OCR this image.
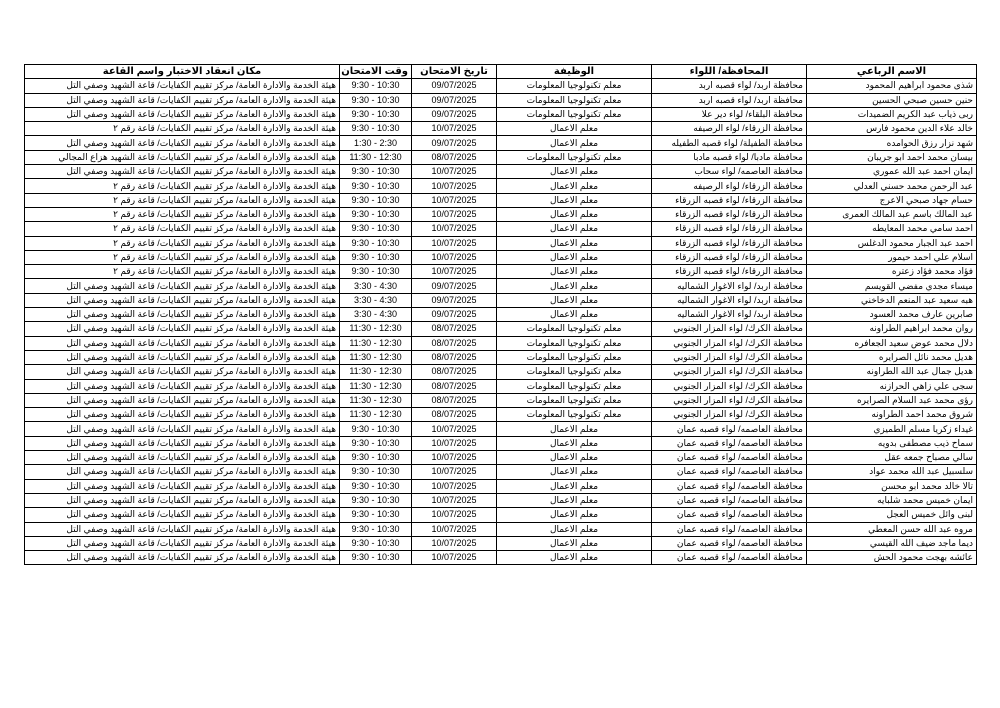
مكان انعقاد الاختبار واسم القاعة	وقت الامتحان	تاريخ الامتحان	الوظيفة	المحافظة/ اللواء	الاسم الرباعي
هيئة الخدمة والادارة العامة/ مركز تقييم الكفايات/ قاعة الشهيد وصفي التل	9:30 - 10:30	09/07/2025	معلم تكنولوجيا المعلومات	محافظة اربد/ لواء قصبه اربد	شذى محمود ابراهيم المحمود
هيئة الخدمة والادارة العامة/ مركز تقييم الكفايات/ قاعة الشهيد وصفي التل	9:30 - 10:30	09/07/2025	معلم تكنولوجيا المعلومات	محافظة اربد/ لواء قصبه اربد	حنين حسين صبحي الحسين
هيئة الخدمة والادارة العامة/ مركز تقييم الكفايات/ قاعة الشهيد وصفي التل	9:30 - 10:30	09/07/2025	معلم تكنولوجيا المعلومات	محافظة البلقاء/ لواء دير علا	ربى ذياب عبد الكريم الضميدات
هيئة الخدمة والادارة العامة/ مركز تقييم الكفايات/ قاعة رقم ٢	9:30 - 10:30	10/07/2025	معلم الاعمال	محافظة الزرقاء/ لواء الرصيفه	خالد علاء الدين محمود فارس
هيئة الخدمة والادارة العامة/ مركز تقييم الكفايات/ قاعة الشهيد وصفي التل	1:30 - 2:30	09/07/2025	معلم الاعمال	محافظة الطفيلة/ لواء قصبه الطفيله	شهد نزار رزق الحوامده
هيئة الخدمة والادارة العامة/ مركز تقييم الكفايات/ قاعة الشهيد هزاع المجالي	11:30 - 12:30	08/07/2025	معلم تكنولوجيا المعلومات	محافظة مادبا/ لواء قصبه مادبا	بيسان محمد احمد ابو جريبان
هيئة الخدمة والادارة العامة/ مركز تقييم الكفايات/ قاعة الشهيد وصفي التل	9:30 - 10:30	10/07/2025	معلم الاعمال	محافظة العاصمه/ لواء سحاب	ايمان احمد عبد الله عموري
هيئة الخدمة والادارة العامة/ مركز تقييم الكفايات/ قاعة رقم ٢	9:30 - 10:30	10/07/2025	معلم الاعمال	محافظة الزرقاء/ لواء الرصيفه	عبد الرحمن محمد حسني العدلي
هيئة الخدمة والادارة العامة/ مركز تقييم الكفايات/ قاعة رقم ٢	9:30 - 10:30	10/07/2025	معلم الاعمال	محافظة الزرقاء/ لواء قصبه الزرقاء	حسام جهاد صبحي الاعرج
هيئة الخدمة والادارة العامة/ مركز تقييم الكفايات/ قاعة رقم ٢	9:30 - 10:30	10/07/2025	معلم الاعمال	محافظة الزرقاء/ لواء قصبه الزرقاء	عبد المالك باسم عبد المالك العمرى
هيئة الخدمة والادارة العامة/ مركز تقييم الكفايات/ قاعة رقم ٢	9:30 - 10:30	10/07/2025	معلم الاعمال	محافظة الزرقاء/ لواء قصبه الزرقاء	احمد سامي محمد المعايطه
هيئة الخدمة والادارة العامة/ مركز تقييم الكفايات/ قاعة رقم ٢	9:30 - 10:30	10/07/2025	معلم الاعمال	محافظة الزرقاء/ لواء قصبه الزرقاء	احمد عبد الجبار محمود الدغلس
هيئة الخدمة والادارة العامة/ مركز تقييم الكفايات/ قاعة رقم ٢	9:30 - 10:30	10/07/2025	معلم الاعمال	محافظة الزرقاء/ لواء قصبه الزرقاء	اسلام علي احمد حيمور
هيئة الخدمة والادارة العامة/ مركز تقييم الكفايات/ قاعة رقم ٢	9:30 - 10:30	10/07/2025	معلم الاعمال	محافظة الزرقاء/ لواء قصبه الزرقاء	فؤاد محمد فؤاد زعتره
هيئة الخدمة والادارة العامة/ مركز تقييم الكفايات/ قاعة الشهيد وصفي التل	3:30 - 4:30	09/07/2025	معلم الاعمال	محافظة اربد/ لواء الاغوار الشماليه	ميساء مجدي مفضي القويسم
هيئة الخدمة والادارة العامة/ مركز تقييم الكفايات/ قاعة الشهيد وصفي التل	3:30 - 4:30	09/07/2025	معلم الاعمال	محافظة اربد/ لواء الاغوار الشماليه	هبه سعيد عبد المنعم الدخاخني
هيئة الخدمة والادارة العامة/ مركز تقييم الكفايات/ قاعة الشهيد وصفي التل	3:30 - 4:30	09/07/2025	معلم الاعمال	محافظة اربد/ لواء الاغوار الشماليه	صابرين عارف محمد العسود
هيئة الخدمة والادارة العامة/ مركز تقييم الكفايات/ قاعة الشهيد وصفي التل	11:30 - 12:30	08/07/2025	معلم تكنولوجيا المعلومات	محافظة الكرك/ لواء المزار الجنوبي	روان محمد ابراهيم الطراونه
هيئة الخدمة والادارة العامة/ مركز تقييم الكفايات/ قاعة الشهيد وصفي التل	11:30 - 12:30	08/07/2025	معلم تكنولوجيا المعلومات	محافظة الكرك/ لواء المزار الجنوبي	دلال محمد عوض سعيد الجعافره
هيئة الخدمة والادارة العامة/ مركز تقييم الكفايات/ قاعة الشهيد وصفي التل	11:30 - 12:30	08/07/2025	معلم تكنولوجيا المعلومات	محافظة الكرك/ لواء المزار الجنوبي	هديل محمد نائل الصرايره
هيئة الخدمة والادارة العامة/ مركز تقييم الكفايات/ قاعة الشهيد وصفي التل	11:30 - 12:30	08/07/2025	معلم تكنولوجيا المعلومات	محافظة الكرك/ لواء المزار الجنوبي	هديل جمال عبد الله الطراونه
هيئة الخدمة والادارة العامة/ مركز تقييم الكفايات/ قاعة الشهيد وصفي التل	11:30 - 12:30	08/07/2025	معلم تكنولوجيا المعلومات	محافظة الكرك/ لواء المزار الجنوبي	سجى علي زاهي الحرازنه
هيئة الخدمة والادارة العامة/ مركز تقييم الكفايات/ قاعة الشهيد وصفي التل	11:30 - 12:30	08/07/2025	معلم تكنولوجيا المعلومات	محافظة الكرك/ لواء المزار الجنوبي	رؤى محمد عبد السلام الصرايره
هيئة الخدمة والادارة العامة/ مركز تقييم الكفايات/ قاعة الشهيد وصفي التل	11:30 - 12:30	08/07/2025	معلم تكنولوجيا المعلومات	محافظة الكرك/ لواء المزار الجنوبي	شروق محمد احمد الطراونه
هيئة الخدمة والادارة العامة/ مركز تقييم الكفايات/ قاعة الشهيد وصفي التل	9:30 - 10:30	10/07/2025	معلم الاعمال	محافظة العاصمه/ لواء قصبه عمان	غيداء زكريا مسلم الطميزي
هيئة الخدمة والادارة العامة/ مركز تقييم الكفايات/ قاعة الشهيد وصفي التل	9:30 - 10:30	10/07/2025	معلم الاعمال	محافظة العاصمه/ لواء قصبه عمان	سماح ذيب مصطفى بدويه
هيئة الخدمة والادارة العامة/ مركز تقييم الكفايات/ قاعة الشهيد وصفي التل	9:30 - 10:30	10/07/2025	معلم الاعمال	محافظة العاصمه/ لواء قصبه عمان	سالي مصباح جمعه عقل
هيئة الخدمة والادارة العامة/ مركز تقييم الكفايات/ قاعة الشهيد وصفي التل	9:30 - 10:30	10/07/2025	معلم الاعمال	محافظة العاصمه/ لواء قصبه عمان	سلسبيل عبد الله محمد عواد
هيئة الخدمة والادارة العامة/ مركز تقييم الكفايات/ قاعة الشهيد وصفي التل	9:30 - 10:30	10/07/2025	معلم الاعمال	محافظة العاصمه/ لواء قصبه عمان	تالا خالد محمد ابو محسن
هيئة الخدمة والادارة العامة/ مركز تقييم الكفايات/ قاعة الشهيد وصفي التل	9:30 - 10:30	10/07/2025	معلم الاعمال	محافظة العاصمه/ لواء قصبه عمان	ايمان خميس محمد شلبايه
هيئة الخدمة والادارة العامة/ مركز تقييم الكفايات/ قاعة الشهيد وصفي التل	9:30 - 10:30	10/07/2025	معلم الاعمال	محافظة العاصمه/ لواء قصبه عمان	لبنى وائل خميس العجل
هيئة الخدمة والادارة العامة/ مركز تقييم الكفايات/ قاعة الشهيد وصفي التل	9:30 - 10:30	10/07/2025	معلم الاعمال	محافظة العاصمه/ لواء قصبه عمان	مروه عبد الله حسن المعطي
هيئة الخدمة والادارة العامة/ مركز تقييم الكفايات/ قاعة الشهيد وصفي التل	9:30 - 10:30	10/07/2025	معلم الاعمال	محافظة العاصمه/ لواء قصبه عمان	ديما ماجد ضيف الله القيسي
هيئة الخدمة والادارة العامة/ مركز تقييم الكفايات/ قاعة الشهيد وصفي التل	9:30 - 10:30	10/07/2025	معلم الاعمال	محافظة العاصمه/ لواء قصبه عمان	عائشه بهجت محمود الحش
